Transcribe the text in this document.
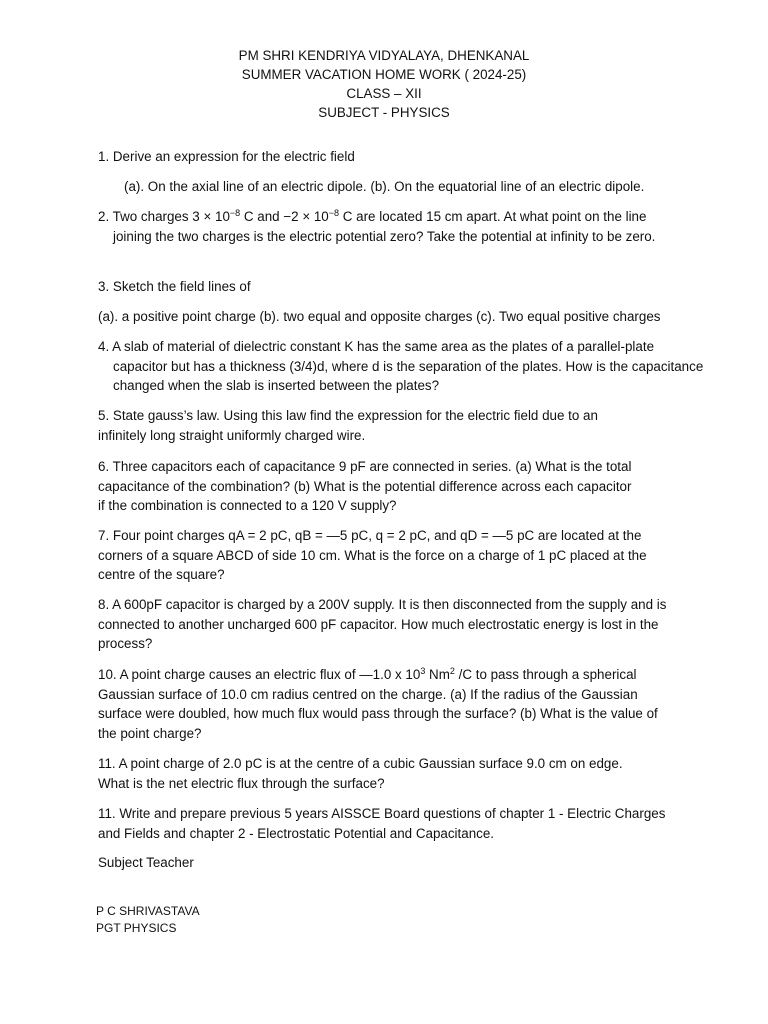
PM SHRI KENDRIYA VIDYALAYA, DHENKANAL
SUMMER VACATION HOME WORK ( 2024-25)
CLASS – XII
SUBJECT - PHYSICS
1. Derive an expression for the electric field
(a). On the axial line of an electric dipole. (b). On the equatorial line of an electric dipole.
2. Two charges $3 \times 10^{-8}$ C and $-2 \times 10^{-8}$ C are located 15 cm apart. At what point on the line joining the two charges is the electric potential zero? Take the potential at infinity to be zero.
3. Sketch the field lines of
(a). a positive point charge (b). two equal and opposite charges (c). Two equal positive charges
4. A slab of material of dielectric constant K has the same area as the plates of a parallel-plate capacitor but has a thickness (3/4)d, where d is the separation of the plates. How is the capacitance changed when the slab is inserted between the plates?
5. State gauss’s law. Using this law find the expression for the electric field due to an infinitely long straight uniformly charged wire.
6. Three capacitors each of capacitance 9 pF are connected in series. (a) What is the total
capacitance of the combination? (b) What is the potential difference across each capacitor
if the combination is connected to a 120 V supply?
7. Four point charges qA = 2 pC, qB = —5 pC, q = 2 pC, and qD = —5 pC are located at the corners of a square ABCD of side 10 cm. What is the force on a charge of 1 pC placed at the centre of the square?
8. A 600pF capacitor is charged by a 200V supply. It is then disconnected from the supply and is connected to another uncharged 600 pF capacitor. How much electrostatic energy is lost in the process?
10. A point charge causes an electric flux of —1.0 x $10^3$ Nm$^2$ /C to pass through a spherical Gaussian surface of 10.0 cm radius centred on the charge. (a) If the radius of the Gaussian surface were doubled, how much flux would pass through the surface? (b) What is the value of the point charge?
11. A point charge of 2.0 pC is at the centre of a cubic Gaussian surface 9.0 cm on edge. What is the net electric flux through the surface?
11. Write and prepare previous 5 years AISSCE Board questions of chapter 1 - Electric Charges and Fields and chapter 2 - Electrostatic Potential and Capacitance.
Subject Teacher
P C SHRIVASTAVA
PGT PHYSICS
